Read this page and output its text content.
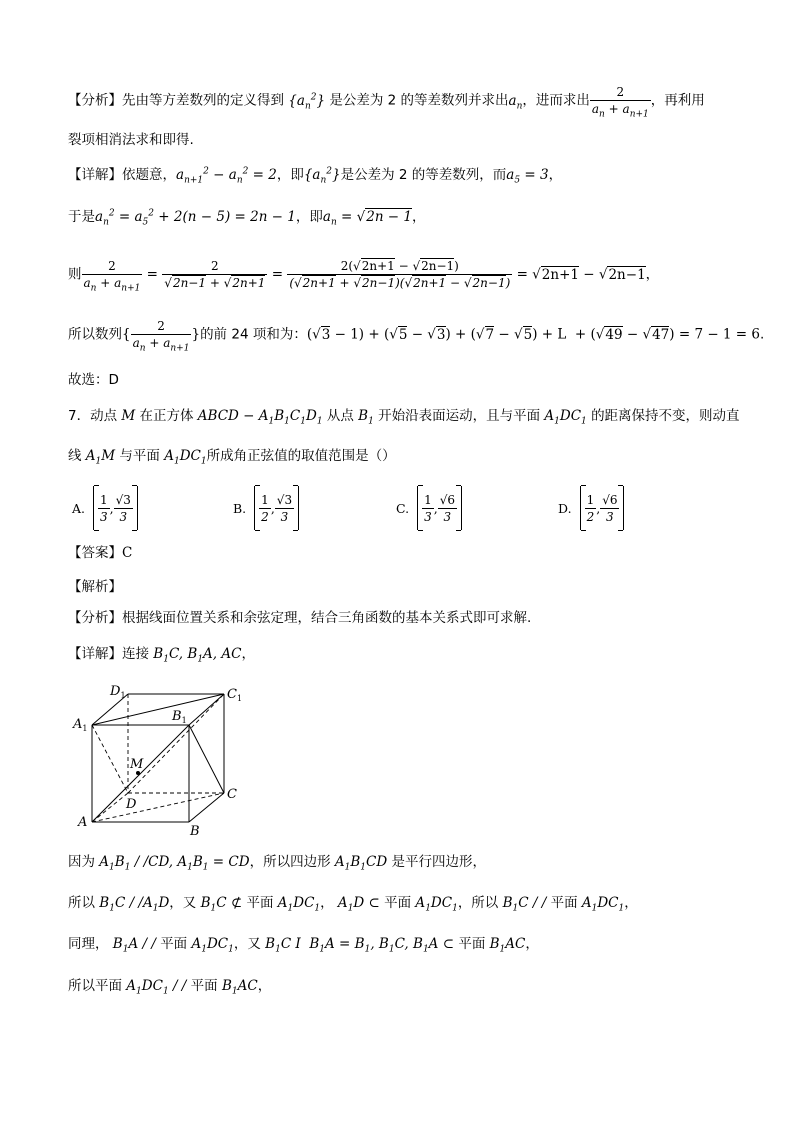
【分析】先由等方差数列的定义得到 $\{a_n^2\}$ 是公差为 2 的等差数列并求出$a_n$，进而求出 $\frac{2}{a_n + a_{n+1}}$ ，再利用
裂项相消法求和即得.
【详解】依题意，$a_{n+1}^2 - a_n^2 = 2$，即$\{a_n^2\}$是公差为 2 的等差数列，而$a_5 = 3$，
于是$a_n^2 = a_5^2 + 2(n - 5) = 2n - 1$，即$a_n = √2n - 1$，
则 $\frac{2}{a_n + a_{n+1}} = \frac{2}{√2n-1 + √2n+1} = \frac{2(√2n+1 - √2n-1)}{(√2n+1 + √2n-1)(√2n+1 - √2n-1)} = √2n+1 - √2n-1$，
所以数列{ $\frac{2}{a_n + a_{n+1}}$ }的前 24 项和为：(√3 − 1) + (√5 − √3) + (√7 − √5) + L  + (√49 − √47) = 7 − 1 = 6.
故选：D
7．动点 M 在正方体 ABCD − $A_1B_1C_1D_1$ 从点 $B_1$ 开始沿表面运动，且与平面 $A_1DC_1$ 的距离保持不变，则动直
线 $A_1M$ 与平面 $A_1DC_1$所成角正弦值的取值范围是（）
A. $\frac{1}{3}$ , $\frac{√3}{3}$	B. $\frac{1}{2}$ , $\frac{√3}{3}$	C. $\frac{1}{3}$ , $\frac{√6}{3}$	D. $\frac{1}{2}$ , $\frac{√6}{3}$
【答案】C
【解析】
【分析】根据线面位置关系和余弦定理，结合三角函数的基本关系式即可求解.
【详解】连接 $B_1C$, $B_1A$, AC，
$D_1$	$C_1$
$A_1$
$B_1$
M
D
C
A
B
因为 $A_1B_1 / /CD$, $A_1B_1$ = CD，所以四边形 $A_1B_1CD$ 是平行四边形，
所以 $B_1C / /A_1D$，又 $B_1C$ ⊄ 平面 $A_1DC_1$， $A_1D$ ⊂ 平面 $A_1DC_1$，所以 $B_1C$ / / 平面 $A_1DC_1$，
同理， $B_1A$ / / 平面 $A_1DC_1$，又 $B_1C$ I  $B_1A = B_1$, $B_1C$, $B_1A$ ⊂ 平面 $B_1AC$，
所以平面 $A_1DC_1$ / / 平面 $B_1AC$，
